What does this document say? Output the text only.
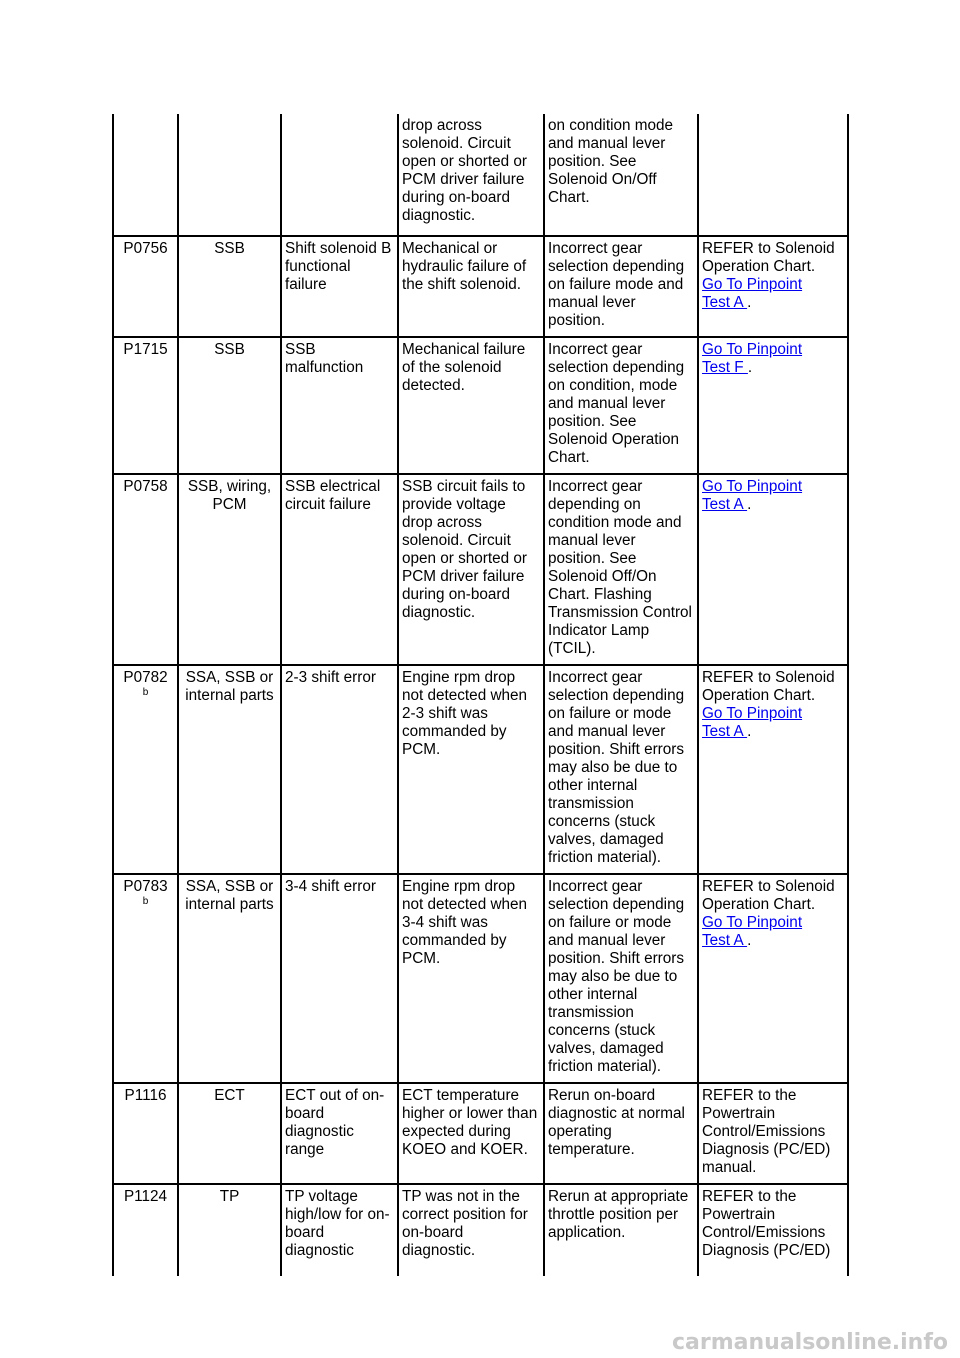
			drop across solenoid. Circuit open or shorted or PCM driver failure during on-board diagnostic.	on condition mode and manual lever position. See Solenoid On/Off Chart.	
P0756	SSB	Shift solenoid B functional failure	Mechanical or hydraulic failure of the shift solenoid.	Incorrect gear selection depending on failure mode and manual lever position.	REFER to Solenoid Operation Chart.
Go To Pinpoint
Test A .
P1715	SSB	SSB malfunction	Mechanical failure of the solenoid detected.	Incorrect gear selection depending on condition, mode and manual lever position. See Solenoid Operation Chart.	Go To Pinpoint
Test F .
P0758	SSB, wiring, PCM	SSB electrical circuit failure	SSB circuit fails to provide voltage drop across solenoid. Circuit open or shorted or PCM driver failure during on-board diagnostic.	Incorrect gear depending on condition mode and manual lever position. See Solenoid Off/On Chart. Flashing Transmission Control Indicator Lamp (TCIL).	Go To Pinpoint
Test A .

P0782
b	SSA, SSB or internal parts	2-3 shift error	Engine rpm drop not detected when 2-3 shift was commanded by PCM.	Incorrect gear selection depending on failure or mode and manual lever position. Shift errors may also be due to other internal transmission concerns (stuck valves, damaged friction material).	REFER to Solenoid Operation Chart.
Go To Pinpoint
Test A .

P0783
b	SSA, SSB or internal parts	3-4 shift error	Engine rpm drop not detected when 3-4 shift was commanded by PCM.	Incorrect gear selection depending on failure or mode and manual lever position. Shift errors may also be due to other internal transmission concerns (stuck valves, damaged friction material).	REFER to Solenoid Operation Chart.
Go To Pinpoint
Test A .
P1116	ECT	ECT out of on-board diagnostic range	ECT temperature higher or lower than expected during KOEO and KOER.	Rerun on-board diagnostic at normal operating temperature.	REFER to the Powertrain Control/Emissions Diagnosis (PC/ED) manual.
P1124	TP	TP voltage high/low for on-board diagnostic	TP was not in the correct position for on-board diagnostic.	Rerun at appropriate throttle position per application.	REFER to the Powertrain Control/Emissions Diagnosis (PC/ED)
carmanualsonline.info
